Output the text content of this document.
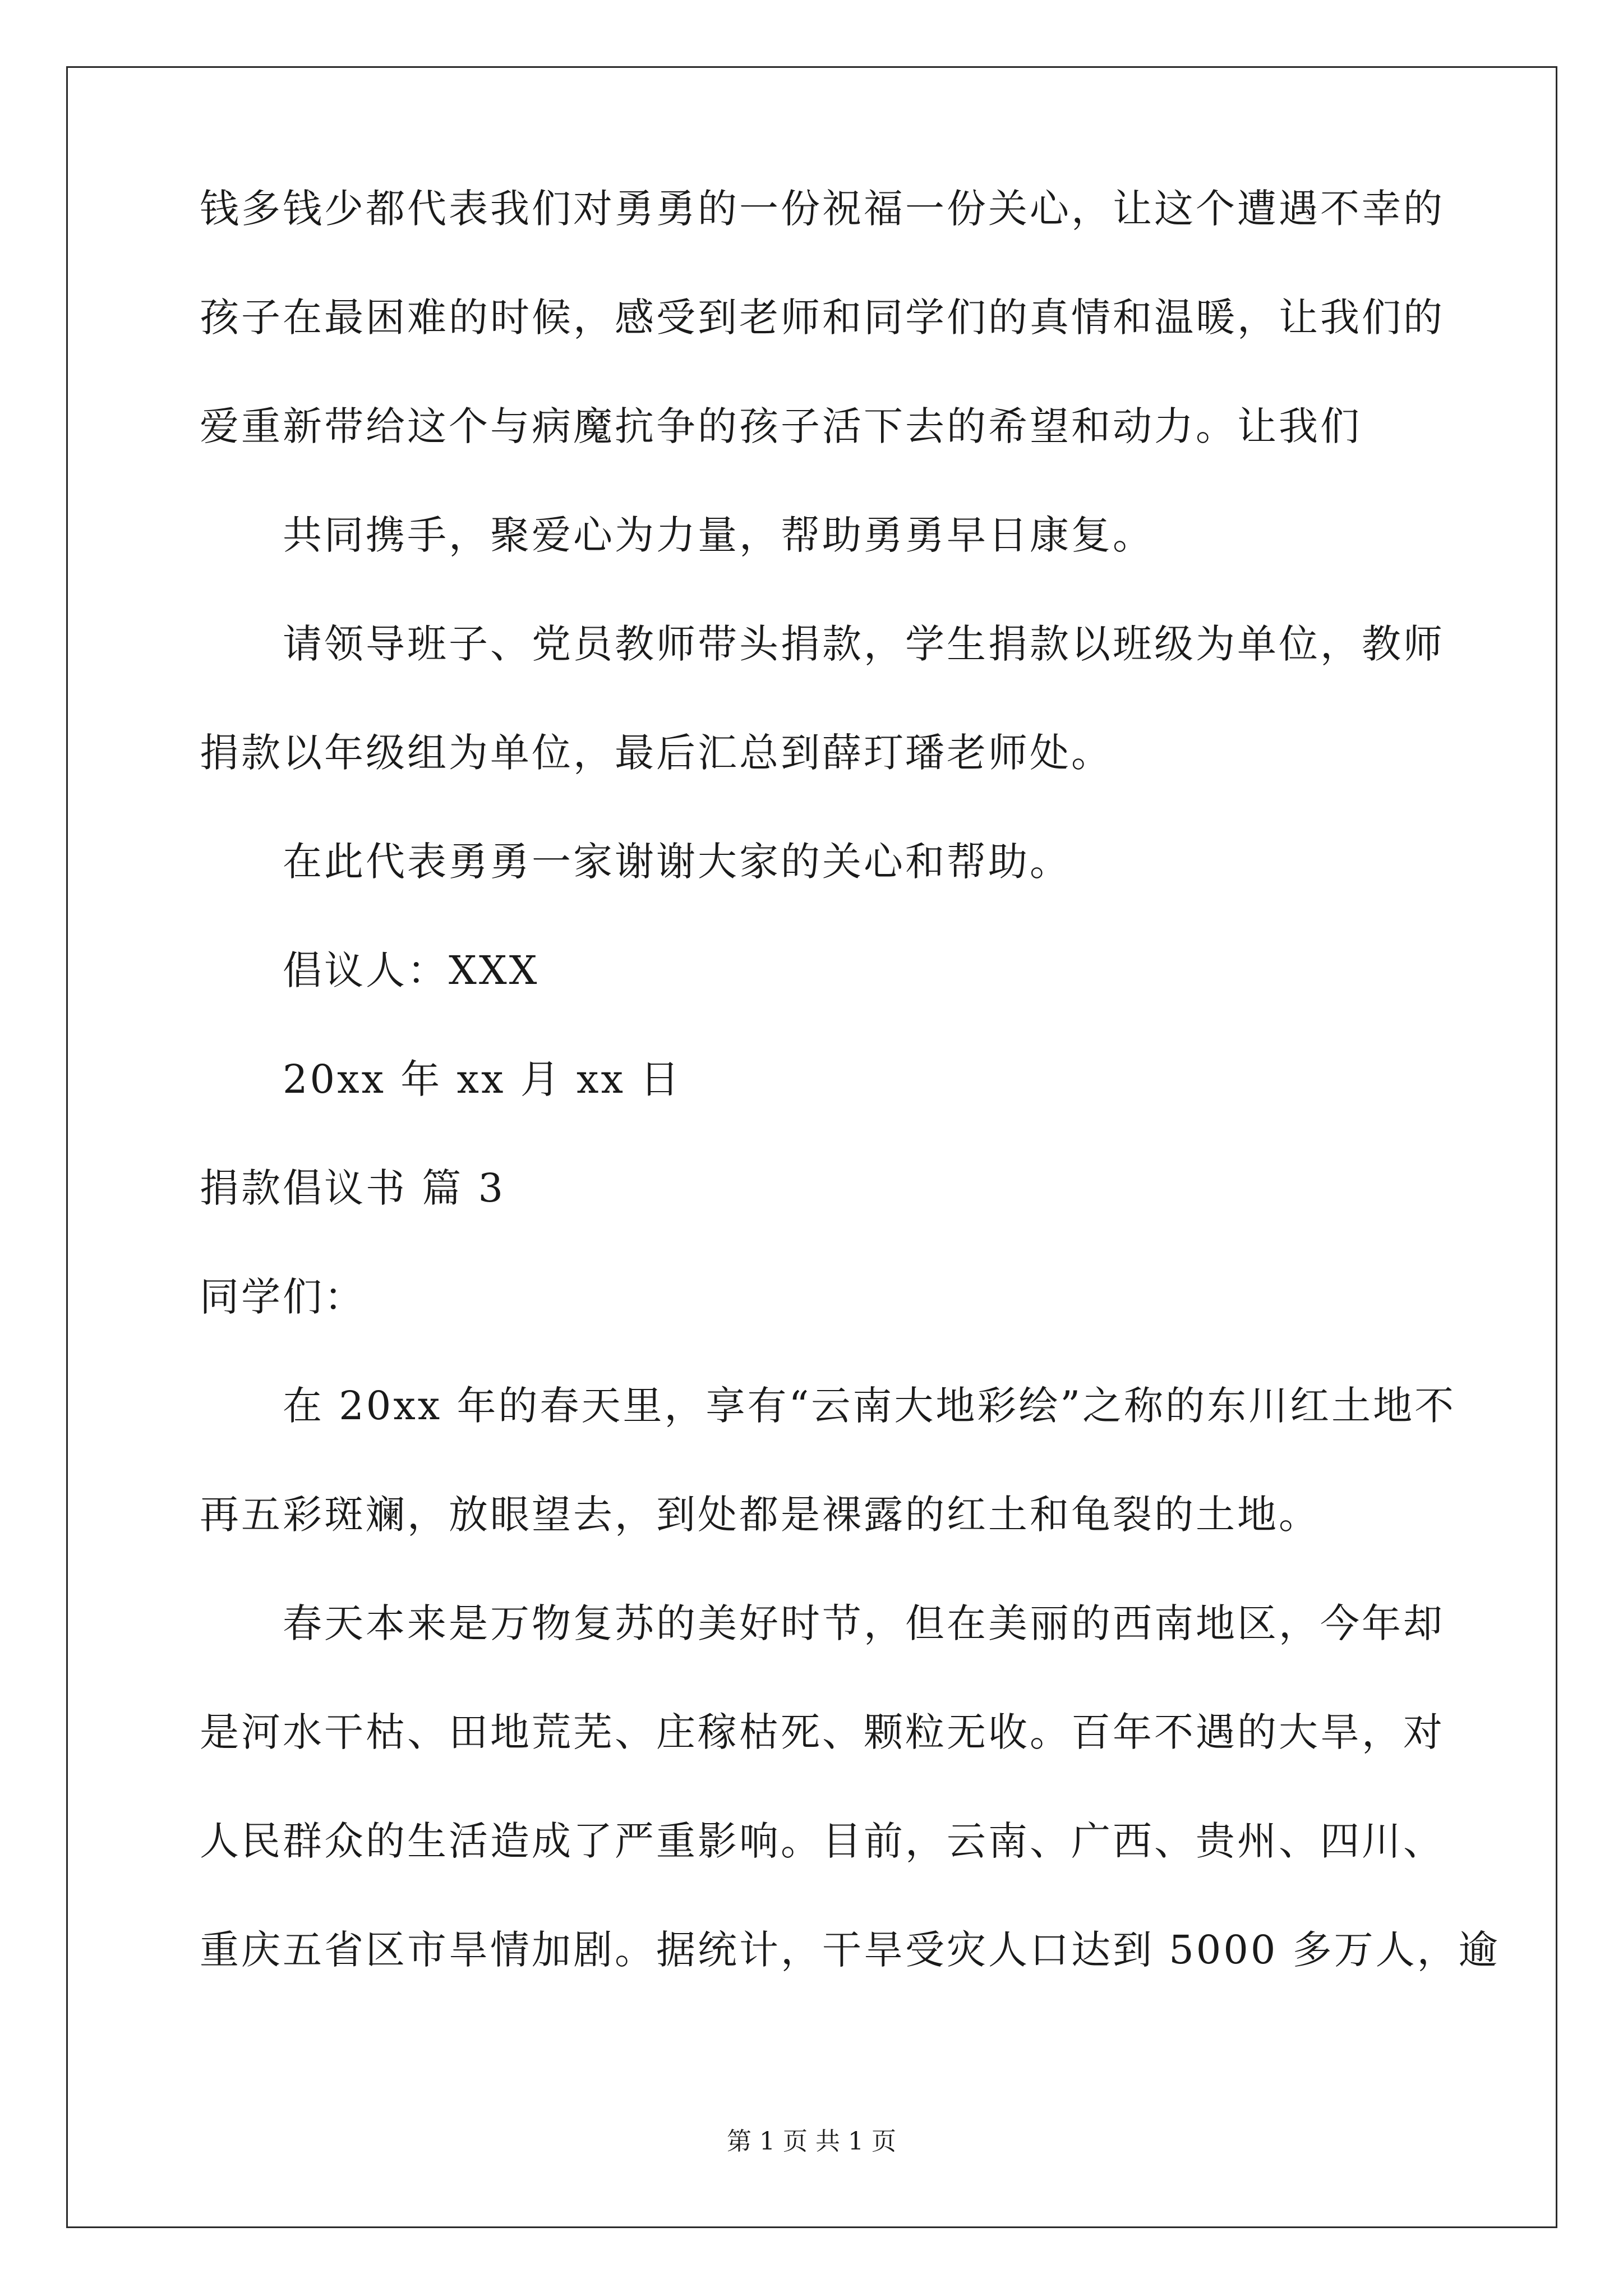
钱多钱少都代表我们对勇勇的一份祝福一份关心，让这个遭遇不幸的
孩子在最困难的时候，感受到老师和同学们的真情和温暖，让我们的
爱重新带给这个与病魔抗争的孩子活下去的希望和动力。让我们
共同携手，聚爱心为力量，帮助勇勇早日康复。
请领导班子、党员教师带头捐款，学生捐款以班级为单位，教师
捐款以年级组为单位，最后汇总到薛玎璠老师处。
在此代表勇勇一家谢谢大家的关心和帮助。
倡议人：XXX
20xx 年 xx 月 xx 日
捐款倡议书 篇 3
同学们：
在 20xx 年的春天里，享有“云南大地彩绘”之称的东川红土地不
再五彩斑斓，放眼望去，到处都是裸露的红土和龟裂的土地。
春天本来是万物复苏的美好时节，但在美丽的西南地区，今年却
是河水干枯、田地荒芜、庄稼枯死、颗粒无收。百年不遇的大旱，对
人民群众的生活造成了严重影响。目前，云南、广西、贵州、四川、
重庆五省区市旱情加剧。据统计，干旱受灾人口达到 5000 多万人，逾
第 1 页 共 1 页
